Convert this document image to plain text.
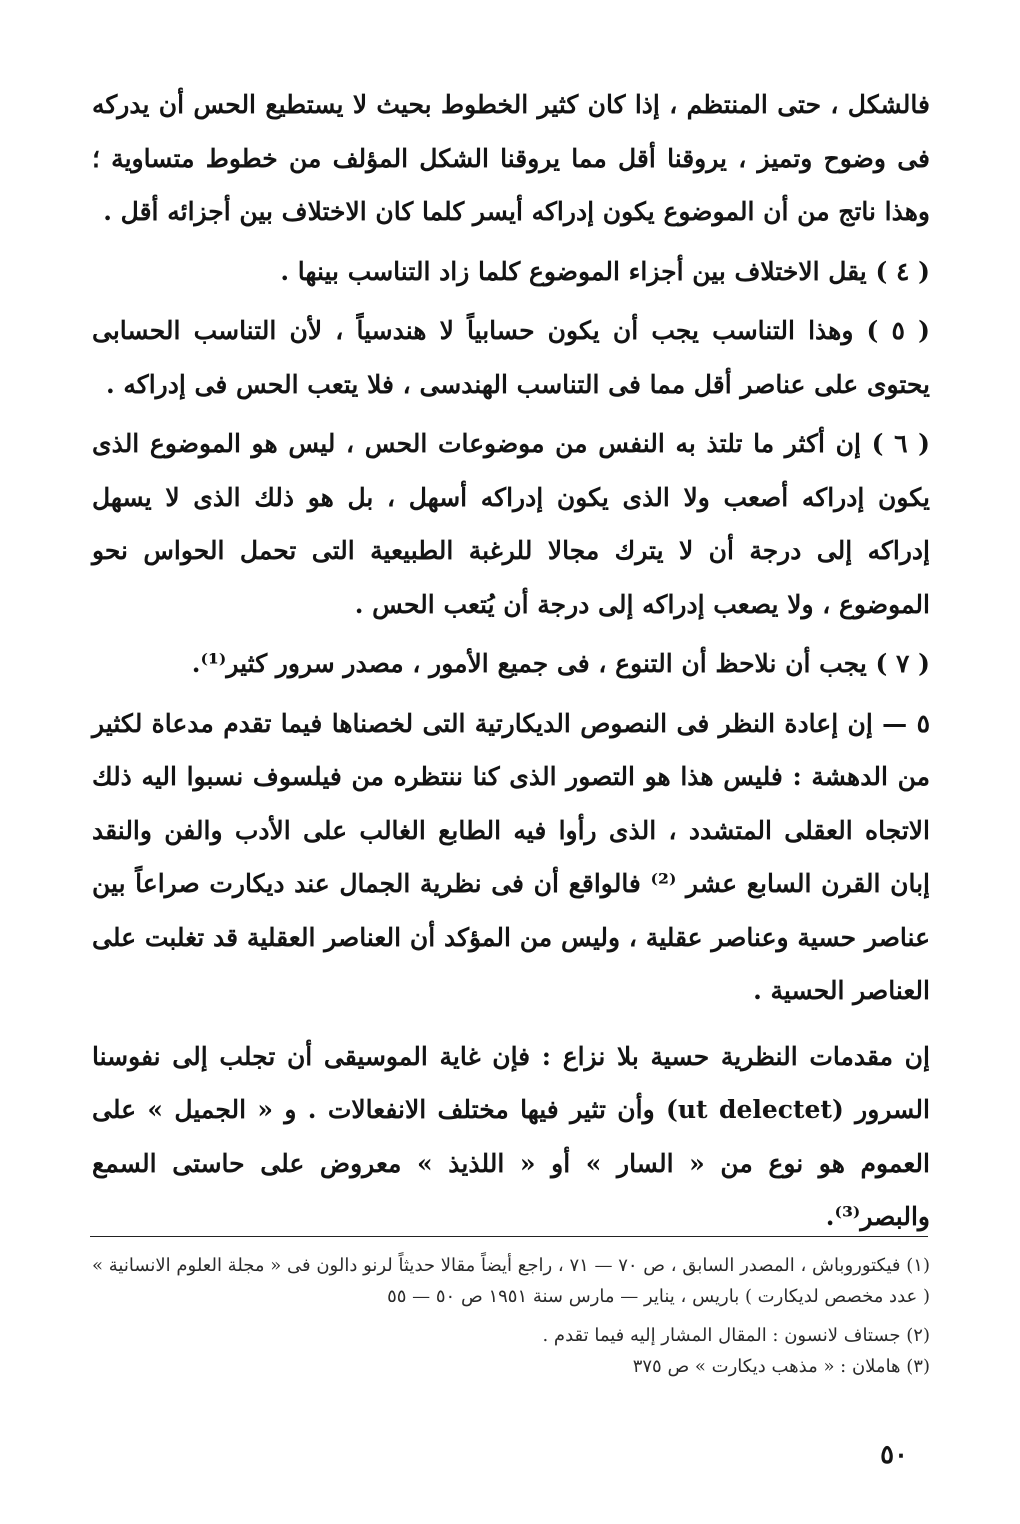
فالشكل ، حتى المنتظم ، إذا كان كثير الخطوط بحيث لا يستطيع الحس أن يدركه فى وضوح وتميز ، يروقنا أقل مما يروقنا الشكل المؤلف من خطوط متساوية ؛ وهذا ناتج من أن الموضوع يكون إدراكه أيسر كلما كان الاختلاف بين أجزائه أقل .

( ٤ ) يقل الاختلاف بين أجزاء الموضوع كلما زاد التناسب بينها .

( ٥ ) وهذا التناسب يجب أن يكون حسابياً لا هندسياً ، لأن التناسب الحسابى يحتوى على عناصر أقل مما فى التناسب الهندسى ، فلا يتعب الحس فى إدراكه .

( ٦ ) إن أكثر ما تلتذ به النفس من موضوعات الحس ، ليس هو الموضوع الذى يكون إدراكه أصعب ولا الذى يكون إدراكه أسهل ، بل هو ذلك الذى لا يسهل إدراكه إلى درجة أن لا يترك مجالا للرغبة الطبيعية التى تحمل الحواس نحو الموضوع ، ولا يصعب إدراكه إلى درجة أن يُتعب الحس .

( ٧ ) يجب أن نلاحظ أن التنوع ، فى جميع الأمور ، مصدر سرور كثير⁽¹⁾.

٥ — إن إعادة النظر فى النصوص الديكارتية التى لخصناها فيما تقدم مدعاة لكثير من الدهشة : فليس هذا هو التصور الذى كنا ننتظره من فيلسوف نسبوا اليه ذلك الاتجاه العقلى المتشدد ، الذى رأوا فيه الطابع الغالب على الأدب والفن والنقد إبان القرن السابع عشر ⁽²⁾ فالواقع أن فى نظرية الجمال عند ديكارت صراعاً بين عناصر حسية وعناصر عقلية ، وليس من المؤكد أن العناصر العقلية قد تغلبت على العناصر الحسية .

إن مقدمات النظرية حسية بلا نزاع : فإن غاية الموسيقى أن تجلب إلى نفوسنا السرور (ut delectet) وأن تثير فيها مختلف الانفعالات . و « الجميل » على العموم هو نوع من « السار » أو « اللذيذ » معروض على حاستى السمع والبصر⁽³⁾.

(١) فيكتوروباش ، المصدر السابق ، ص ٧٠ — ٧١ ، راجع أيضاً مقالا حديثاً لرنو دالون فى « مجلة العلوم الانسانية » ( عدد مخصص لديكارت ) باريس ، يناير — مارس سنة ١٩٥١ ص ٥٠ — ٥٥

(٢) جستاف لانسون : المقال المشار إليه فيما تقدم .

(٣) هاملان : « مذهب ديكارت » ص ٣٧٥

٥٠
